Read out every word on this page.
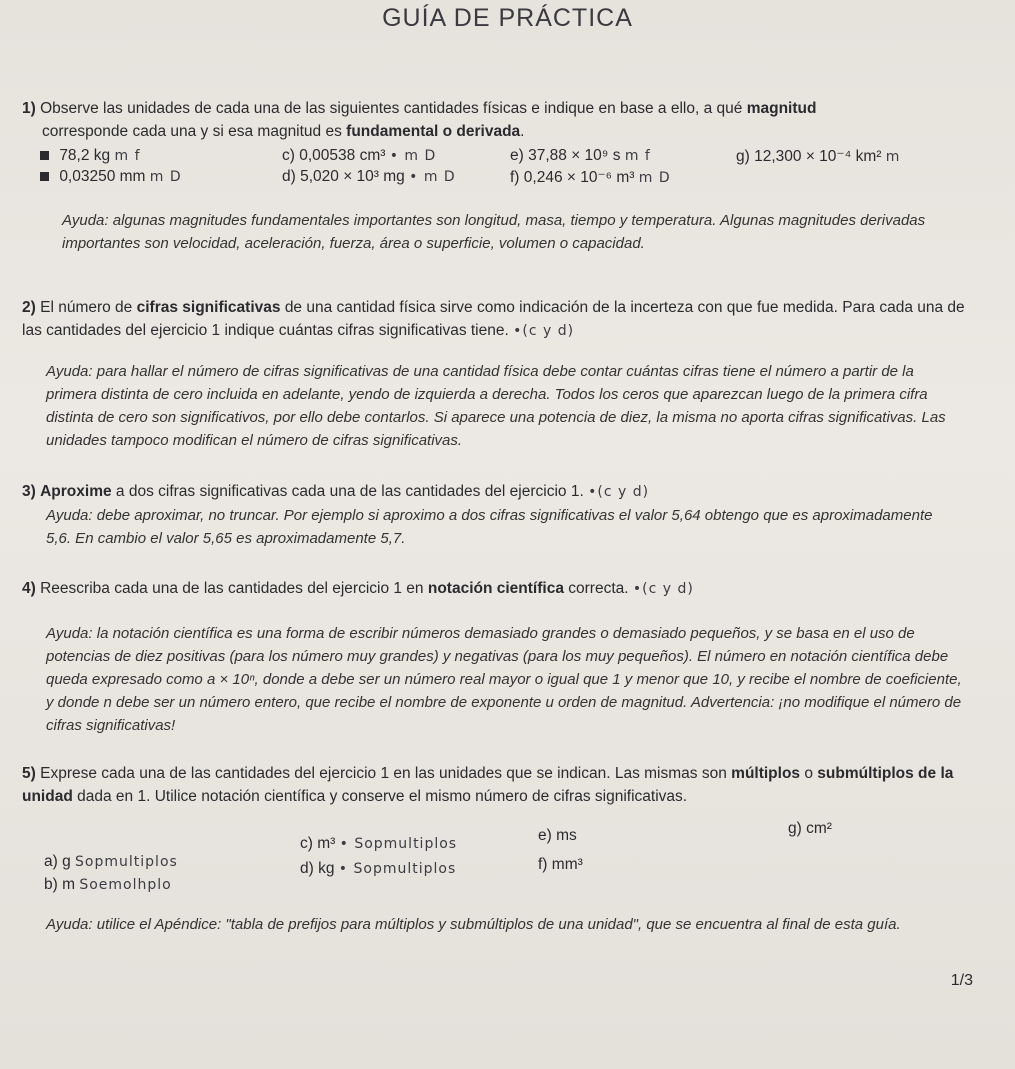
GUÍA DE PRÁCTICA
1) Observe las unidades de cada una de las siguientes cantidades físicas e indique en base a ello, a qué magnitud
corresponde cada una y si esa magnitud es fundamental o derivada.
78,2 kg m f
0,03250 mm m D
c) 0,00538 cm³ • m D
d) 5,020 × 10³ mg • m D
e) 37,88 × 10⁹ s m f
f) 0,246 × 10⁻⁶ m³ m D
g) 12,300 × 10⁻⁴ km² m
Ayuda: algunas magnitudes fundamentales importantes son longitud, masa, tiempo y temperatura. Algunas magnitudes derivadas importantes son velocidad, aceleración, fuerza, área o superficie, volumen o capacidad.
2) El número de cifras significativas de una cantidad física sirve como indicación de la incerteza con que fue medida. Para cada una de las cantidades del ejercicio 1 indique cuántas cifras significativas tiene. •(c y d)
Ayuda: para hallar el número de cifras significativas de una cantidad física debe contar cuántas cifras tiene el número a partir de la primera distinta de cero incluida en adelante, yendo de izquierda a derecha. Todos los ceros que aparezcan luego de la primera cifra distinta de cero son significativos, por ello debe contarlos. Si aparece una potencia de diez, la misma no aporta cifras significativas. Las unidades tampoco modifican el número de cifras significativas.
3) Aproxime a dos cifras significativas cada una de las cantidades del ejercicio 1. •(c y d)
Ayuda: debe aproximar, no truncar. Por ejemplo si aproximo a dos cifras significativas el valor 5,64 obtengo que es aproximadamente 5,6. En cambio el valor 5,65 es aproximadamente 5,7.
4) Reescriba cada una de las cantidades del ejercicio 1 en notación científica correcta. •(c y d)
Ayuda: la notación científica es una forma de escribir números demasiado grandes o demasiado pequeños, y se basa en el uso de potencias de diez positivas (para los número muy grandes) y negativas (para los muy pequeños). El número en notación científica debe queda expresado como a × 10ⁿ, donde a debe ser un número real mayor o igual que 1 y menor que 10, y recibe el nombre de coeficiente, y donde n debe ser un número entero, que recibe el nombre de exponente u orden de magnitud. Advertencia: ¡no modifique el número de cifras significativas!
5) Exprese cada una de las cantidades del ejercicio 1 en las unidades que se indican. Las mismas son múltiplos o submúltiplos de la unidad dada en 1. Utilice notación científica y conserve el mismo número de cifras significativas.
a) g Sopmultiplos
b) m Soemolhplo
c) m³ • Sopmultiplos
d) kg • Sopmultiplos
e) ms
f) mm³
g) cm²
Ayuda: utilice el Apéndice: "tabla de prefijos para múltiplos y submúltiplos de una unidad", que se encuentra al final de esta guía.
1/3
